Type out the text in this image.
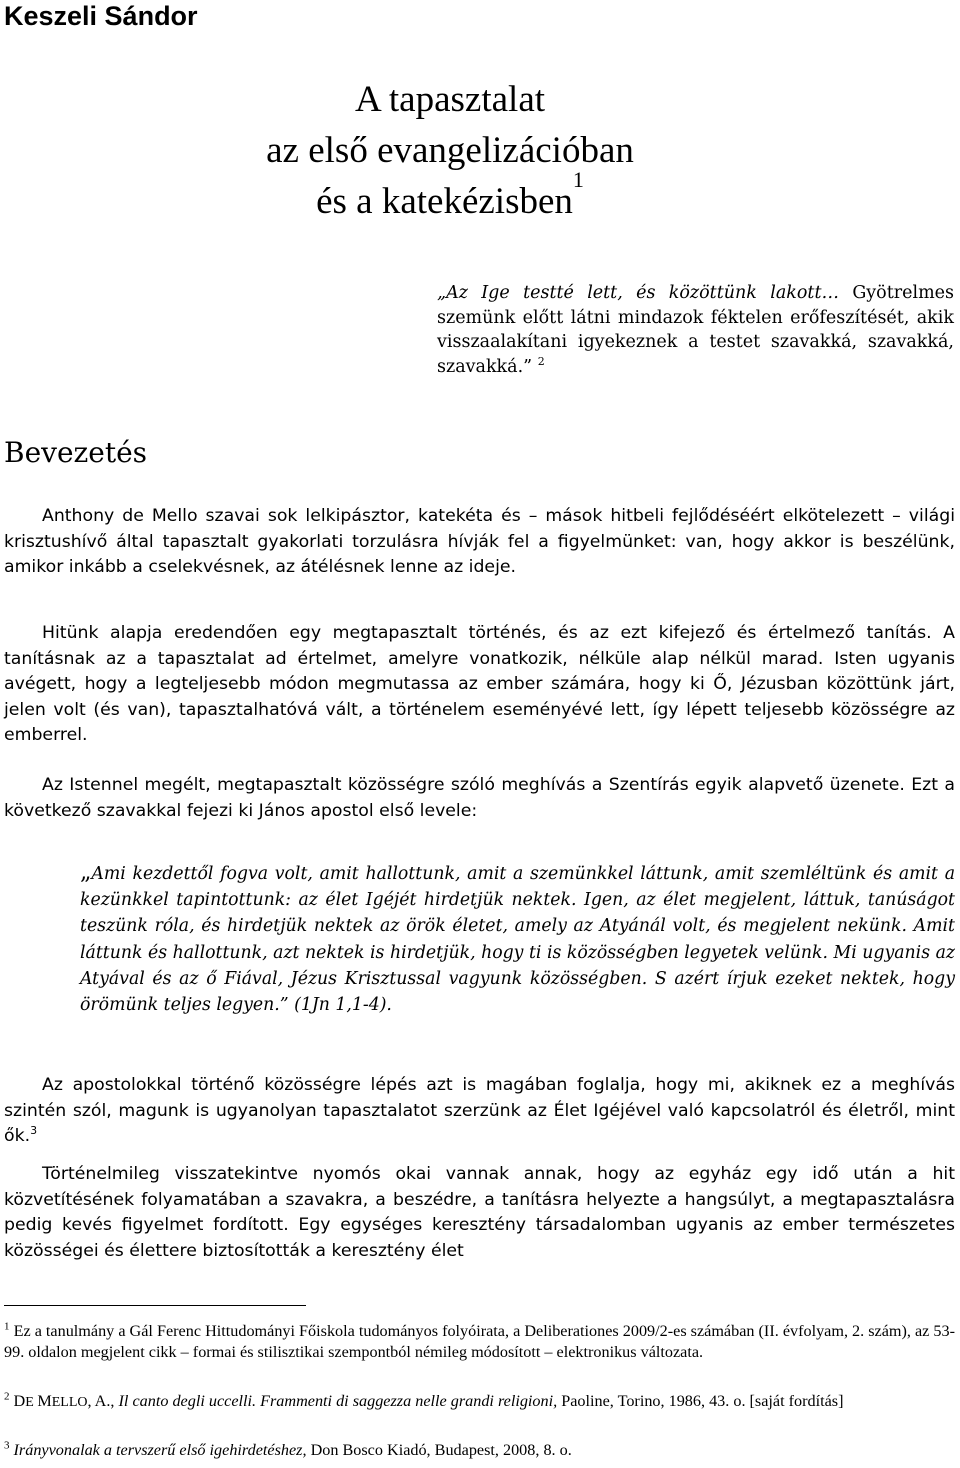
Keszeli Sándor
A tapasztalat
az első evangelizációban
és a katekézisben$^1$
„Az Ige testté lett, és közöttünk lakott… Gyötrelmes szemünk előtt látni mindazok féktelen erőfeszítését, akik visszaalakítani igyekeznek a testet szavakká, szavakká, szavakká.” $^2$
Bevezetés

Anthony de Mello szavai sok lelkipásztor, katekéta és – mások hitbeli fejlődéséért elkötelezett – világi krisztushívő által tapasztalt gyakorlati torzulásra hívják fel a figyelmünket: van, hogy akkor is beszélünk, amikor inkább a cselekvésnek, az átélésnek lenne az ideje.

Hitünk alapja eredendően egy megtapasztalt történés, és az ezt kifejező és értelmező tanítás. A tanításnak az a tapasztalat ad értelmet, amelyre vonatkozik, nélküle alap nélkül marad. Isten ugyanis avégett, hogy a legteljesebb módon megmutassa az ember számára, hogy ki Ő, Jézusban közöttünk járt, jelen volt (és van), tapasztalhatóvá vált, a történelem eseményévé lett, így lépett teljesebb közösségre az emberrel.

Az Istennel megélt, megtapasztalt közösségre szóló meghívás a Szentírás egyik alapvető üzenete. Ezt a következő szavakkal fejezi ki János apostol első levele:

„Ami kezdettől fogva volt, amit hallottunk, amit a szemünkkel láttunk, amit szemléltünk és amit a kezünkkel tapintottunk: az élet Igéjét hirdetjük nektek. Igen, az élet megjelent, láttuk, tanúságot teszünk róla, és hirdetjük nektek az örök életet, amely az Atyánál volt, és megjelent nekünk. Amit láttunk és hallottunk, azt nektek is hirdetjük, hogy ti is közösségben legyetek velünk. Mi ugyanis az Atyával és az ő Fiával, Jézus Krisztussal vagyunk közösségben. S azért írjuk ezeket nektek, hogy örömünk teljes legyen.” (1Jn 1,1-4).

Az apostolokkal történő közösségre lépés azt is magában foglalja, hogy mi, akiknek ez a meghívás szintén szól, magunk is ugyanolyan tapasztalatot szerzünk az Élet Igéjével való kapcsolatról és életről, mint ők.$^3$

Történelmileg visszatekintve nyomós okai vannak annak, hogy az egyház egy idő után a hit közvetítésének folyamatában a szavakra, a beszédre, a tanításra helyezte a hangsúlyt, a megtapasztalásra pedig kevés figyelmet fordított. Egy egységes keresztény társadalomban ugyanis az ember természetes közösségei és élettere biztosították a keresztény élet

$^1$ Ez a tanulmány a Gál Ferenc Hittudományi Főiskola tudományos folyóirata, a Deliberationes 2009/2-es számában (II. évfolyam, 2. szám), az 53-99. oldalon megjelent cikk – formai és stilisztikai szempontból némileg módosított – elektronikus változata.
$^2$ DE MELLO, A., Il canto degli uccelli. Frammenti di saggezza nelle grandi religioni, Paoline, Torino, 1986, 43. o. [saját fordítás]
$^3$ Irányvonalak a tervszerű első igehirdetéshez, Don Bosco Kiadó, Budapest, 2008, 8. o.
